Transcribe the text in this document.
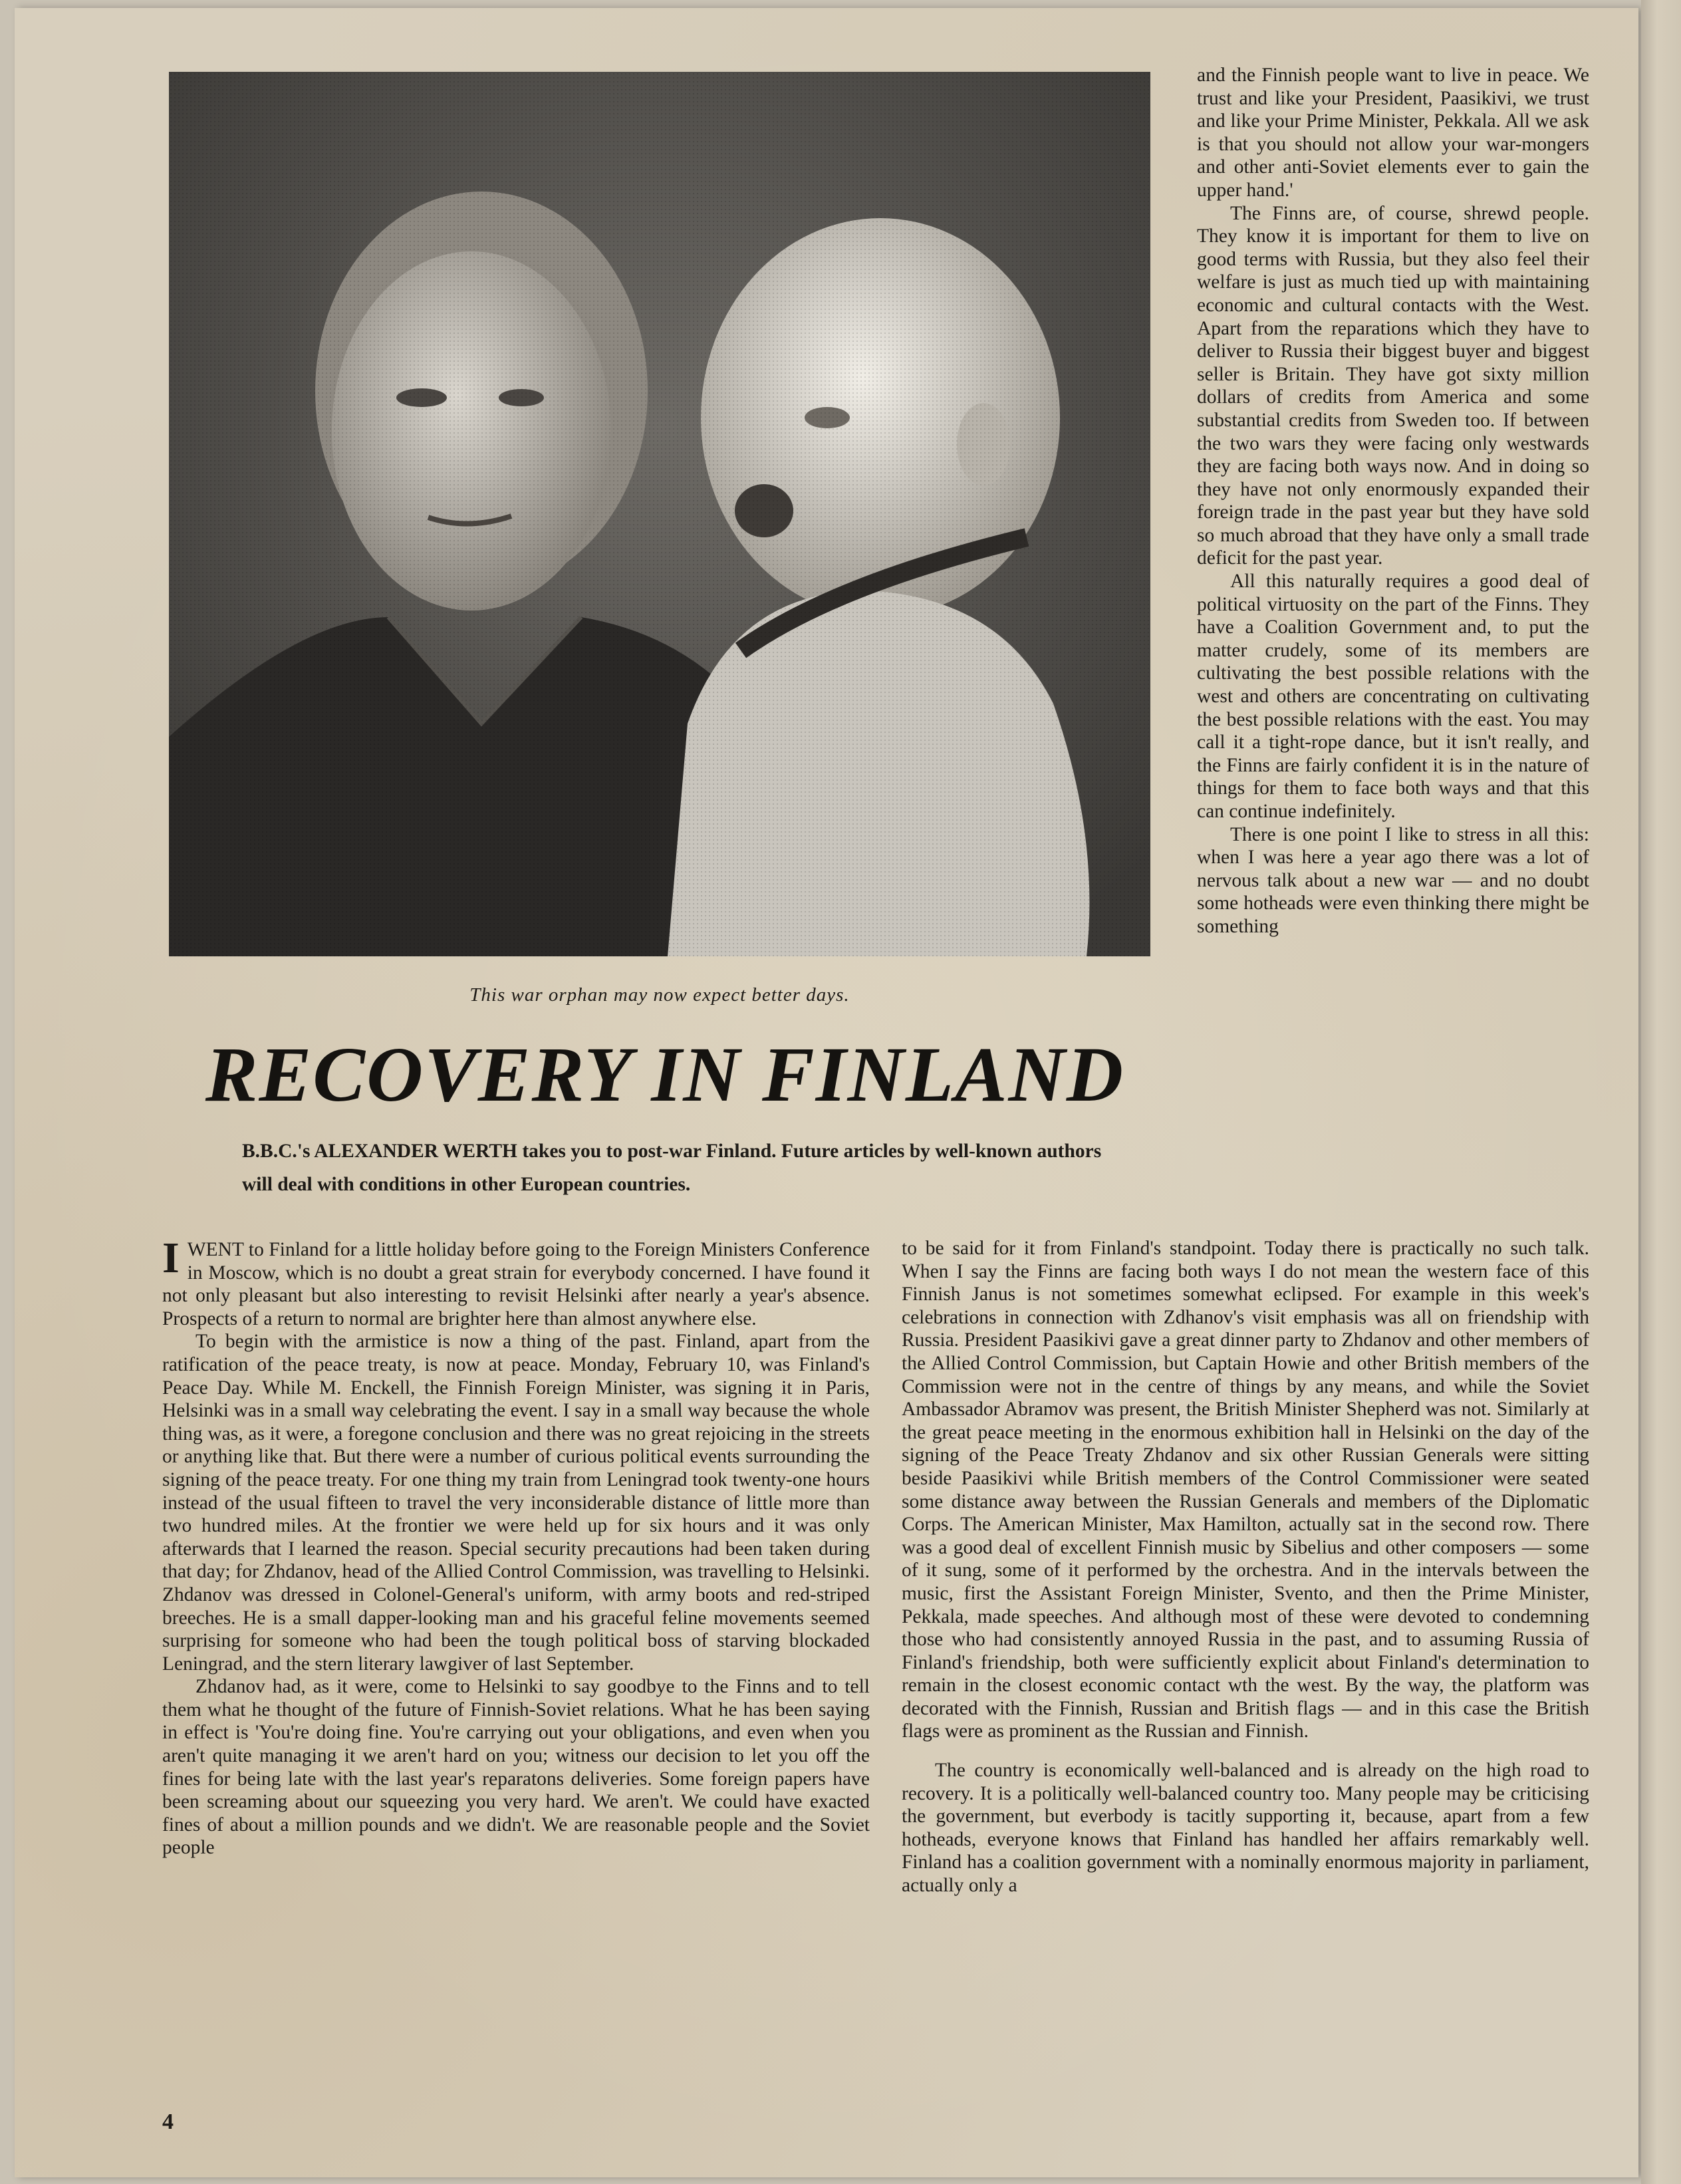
This war orphan may now expect better days.
RECOVERY IN FINLAND
B.B.C.'s ALEXANDER WERTH takes you to post-war Finland. Future articles by well-known authors will deal with conditions in other European countries.

and the Finnish people want to live in peace. We trust and like your President, Paasikivi, we trust and like your Prime Minister, Pekkala. All we ask is that you should not allow your war-mongers and other anti-Soviet elements ever to gain the upper hand.'

The Finns are, of course, shrewd people. They know it is important for them to live on good terms with Russia, but they also feel their welfare is just as much tied up with maintaining economic and cultural contacts with the West. Apart from the reparations which they have to deliver to Russia their biggest buyer and biggest seller is Britain. They have got sixty million dollars of credits from America and some substantial credits from Sweden too. If between the two wars they were facing only westwards they are facing both ways now. And in doing so they have not only enormously expanded their foreign trade in the past year but they have sold so much abroad that they have only a small trade deficit for the past year.

All this naturally requires a good deal of political virtuosity on the part of the Finns. They have a Coalition Government and, to put the matter crudely, some of its members are cultivating the best possible relations with the west and others are concentrating on cultivating the best possible relations with the east. You may call it a tight-rope dance, but it isn't really, and the Finns are fairly confident it is in the nature of things for them to face both ways and that this can continue indefinitely.

There is one point I like to stress in all this: when I was here a year ago there was a lot of nervous talk about a new war — and no doubt some hotheads were even thinking there might be something

IWENT to Finland for a little holiday before going to the Foreign Ministers Conference in Moscow, which is no doubt a great strain for everybody concerned. I have found it not only pleasant but also interesting to revisit Helsinki after nearly a year's absence. Prospects of a return to normal are brighter here than almost anywhere else.

To begin with the armistice is now a thing of the past. Finland, apart from the ratification of the peace treaty, is now at peace. Monday, February 10, was Finland's Peace Day. While M. Enckell, the Finnish Foreign Minister, was signing it in Paris, Helsinki was in a small way celebrating the event. I say in a small way because the whole thing was, as it were, a foregone conclusion and there was no great rejoicing in the streets or anything like that. But there were a number of curious political events surrounding the signing of the peace treaty. For one thing my train from Leningrad took twenty-one hours instead of the usual fifteen to travel the very inconsiderable distance of little more than two hundred miles. At the frontier we were held up for six hours and it was only afterwards that I learned the reason. Special security precautions had been taken during that day; for Zhdanov, head of the Allied Control Commission, was travelling to Helsinki. Zhdanov was dressed in Colonel-General's uniform, with army boots and red-striped breeches. He is a small dapper-looking man and his graceful feline movements seemed surprising for someone who had been the tough political boss of starving blockaded Leningrad, and the stern literary lawgiver of last September.

Zhdanov had, as it were, come to Helsinki to say goodbye to the Finns and to tell them what he thought of the future of Finnish-Soviet relations. What he has been saying in effect is 'You're doing fine. You're carrying out your obligations, and even when you aren't quite managing it we aren't hard on you; witness our decision to let you off the fines for being late with the last year's reparatons deliveries. Some foreign papers have been screaming about our squeezing you very hard. We aren't. We could have exacted fines of about a million pounds and we didn't. We are reasonable people and the Soviet people

to be said for it from Finland's standpoint. Today there is practically no such talk. When I say the Finns are facing both ways I do not mean the western face of this Finnish Janus is not sometimes somewhat eclipsed. For example in this week's celebrations in connection with Zdhanov's visit emphasis was all on friendship with Russia. President Paasikivi gave a great dinner party to Zhdanov and other members of the Allied Control Commission, but Captain Howie and other British members of the Commission were not in the centre of things by any means, and while the Soviet Ambassador Abramov was present, the British Minister Shepherd was not. Similarly at the great peace meeting in the enormous exhibition hall in Helsinki on the day of the signing of the Peace Treaty Zhdanov and six other Russian Generals were sitting beside Paasikivi while British members of the Control Commissioner were seated some distance away between the Russian Generals and members of the Diplomatic Corps. The American Minister, Max Hamilton, actually sat in the second row. There was a good deal of excellent Finnish music by Sibelius and other composers — some of it sung, some of it performed by the orchestra. And in the intervals between the music, first the Assistant Foreign Minister, Svento, and then the Prime Minister, Pekkala, made speeches. And although most of these were devoted to condemning those who had consistently annoyed Russia in the past, and to assuming Russia of Finland's friendship, both were sufficiently explicit about Finland's determination to remain in the closest economic contact wth the west. By the way, the platform was decorated with the Finnish, Russian and British flags — and in this case the British flags were as prominent as the Russian and Finnish.

The country is economically well-balanced and is already on the high road to recovery. It is a politically well-balanced country too. Many people may be criticising the government, but everbody is tacitly supporting it, because, apart from a few hotheads, everyone knows that Finland has handled her affairs remarkably well. Finland has a coalition government with a nominally enormous majority in parliament, actually only a

4
